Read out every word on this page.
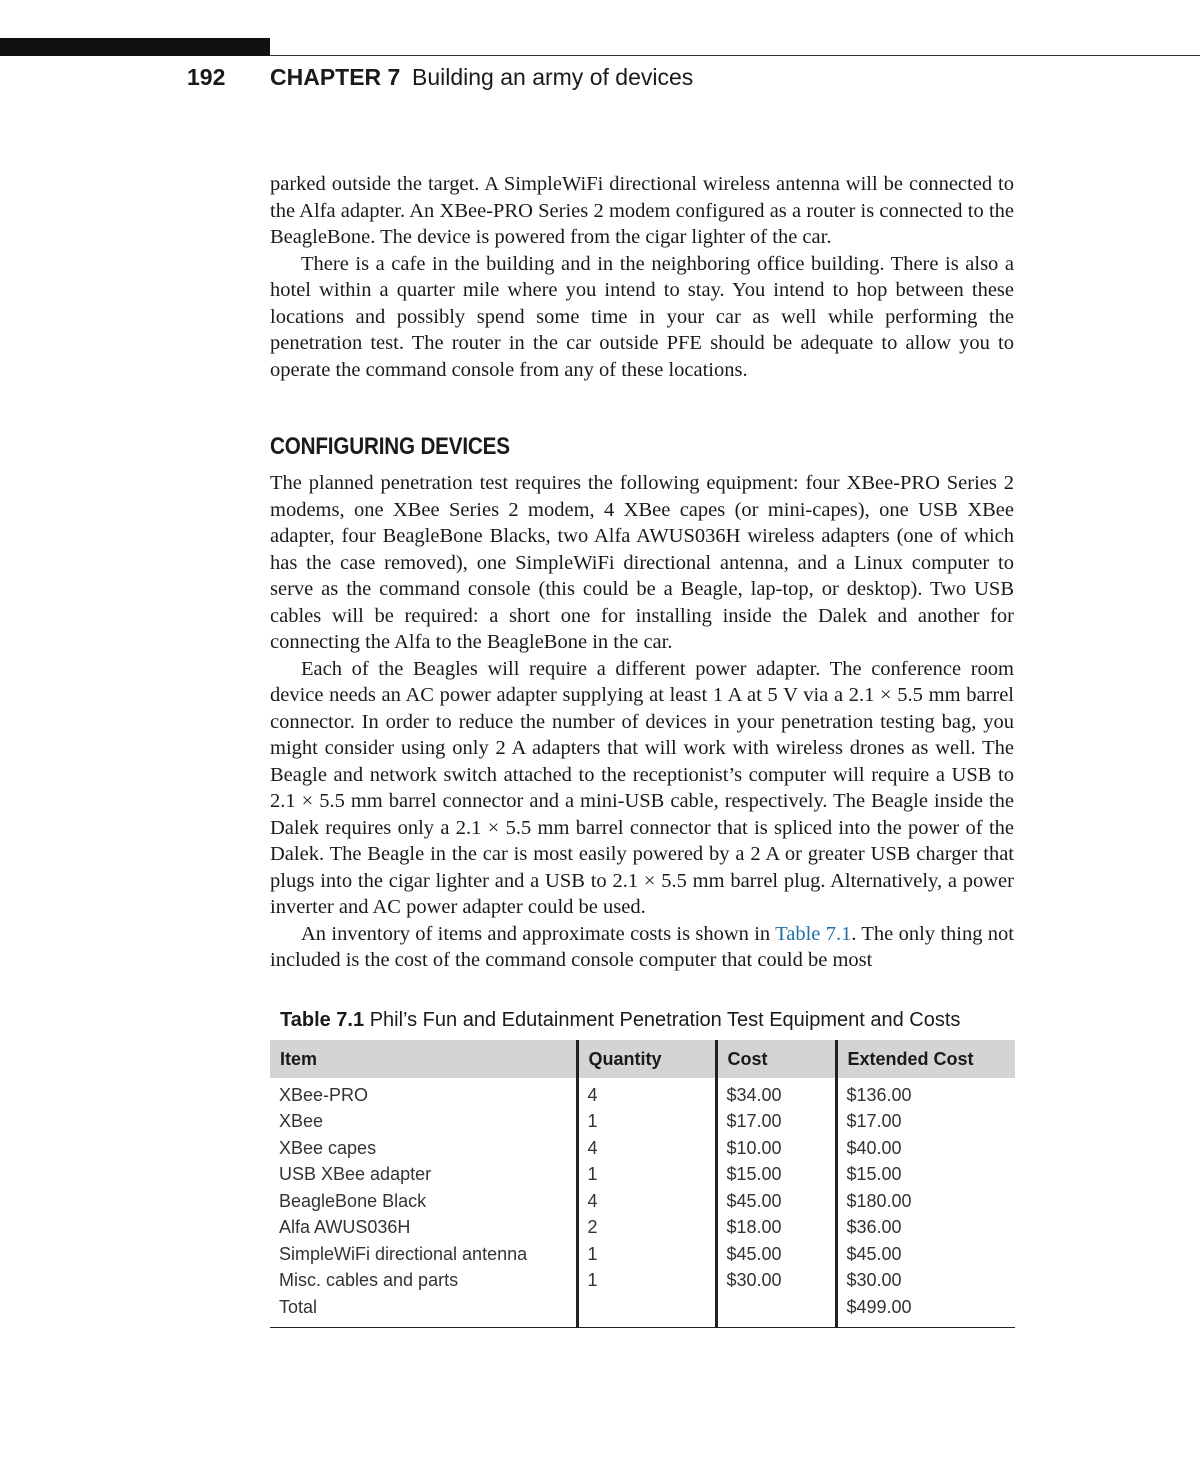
192 CHAPTER 7 Building an army of devices

parked outside the target. A SimpleWiFi directional wireless antenna will be connected to the Alfa adapter. An XBee-PRO Series 2 modem configured as a router is connected to the BeagleBone. The device is powered from the cigar lighter of the car.

There is a cafe in the building and in the neighboring office building. There is also a hotel within a quarter mile where you intend to stay. You intend to hop between these locations and possibly spend some time in your car as well while performing the penetration test. The router in the car outside PFE should be adequate to allow you to operate the command console from any of these locations.

CONFIGURING DEVICES

The planned penetration test requires the following equipment: four XBee-PRO Series 2 modems, one XBee Series 2 modem, 4 XBee capes (or mini-capes), one USB XBee adapter, four BeagleBone Blacks, two Alfa AWUS036H wireless adapters (one of which has the case removed), one SimpleWiFi directional antenna, and a Linux computer to serve as the command console (this could be a Beagle, lap-top, or desktop). Two USB cables will be required: a short one for installing inside the Dalek and another for connecting the Alfa to the BeagleBone in the car.

Each of the Beagles will require a different power adapter. The conference room device needs an AC power adapter supplying at least 1 A at 5 V via a 2.1 × 5.5 mm barrel connector. In order to reduce the number of devices in your penetration testing bag, you might consider using only 2 A adapters that will work with wireless drones as well. The Beagle and network switch attached to the receptionist’s computer will require a USB to 2.1 × 5.5 mm barrel connector and a mini-USB cable, respectively. The Beagle inside the Dalek requires only a 2.1 × 5.5 mm barrel connector that is spliced into the power of the Dalek. The Beagle in the car is most easily powered by a 2 A or greater USB charger that plugs into the cigar lighter and a USB to 2.1 × 5.5 mm barrel plug. Alternatively, a power inverter and AC power adapter could be used.

An inventory of items and approximate costs is shown in Table 7.1. The only thing not included is the cost of the command console computer that could be most

Table 7.1 Phil’s Fun and Edutainment Penetration Test Equipment and Costs
Item	Quantity	Cost	Extended Cost

XBee-PRO	4	$34.00	$136.00
XBee	1	$17.00	$17.00
XBee capes	4	$10.00	$40.00
USB XBee adapter	1	$15.00	$15.00
BeagleBone Black	4	$45.00	$180.00
Alfa AWUS036H	2	$18.00	$36.00
SimpleWiFi directional antenna	1	$45.00	$45.00
Misc. cables and parts	1	$30.00	$30.00
Total			$499.00
